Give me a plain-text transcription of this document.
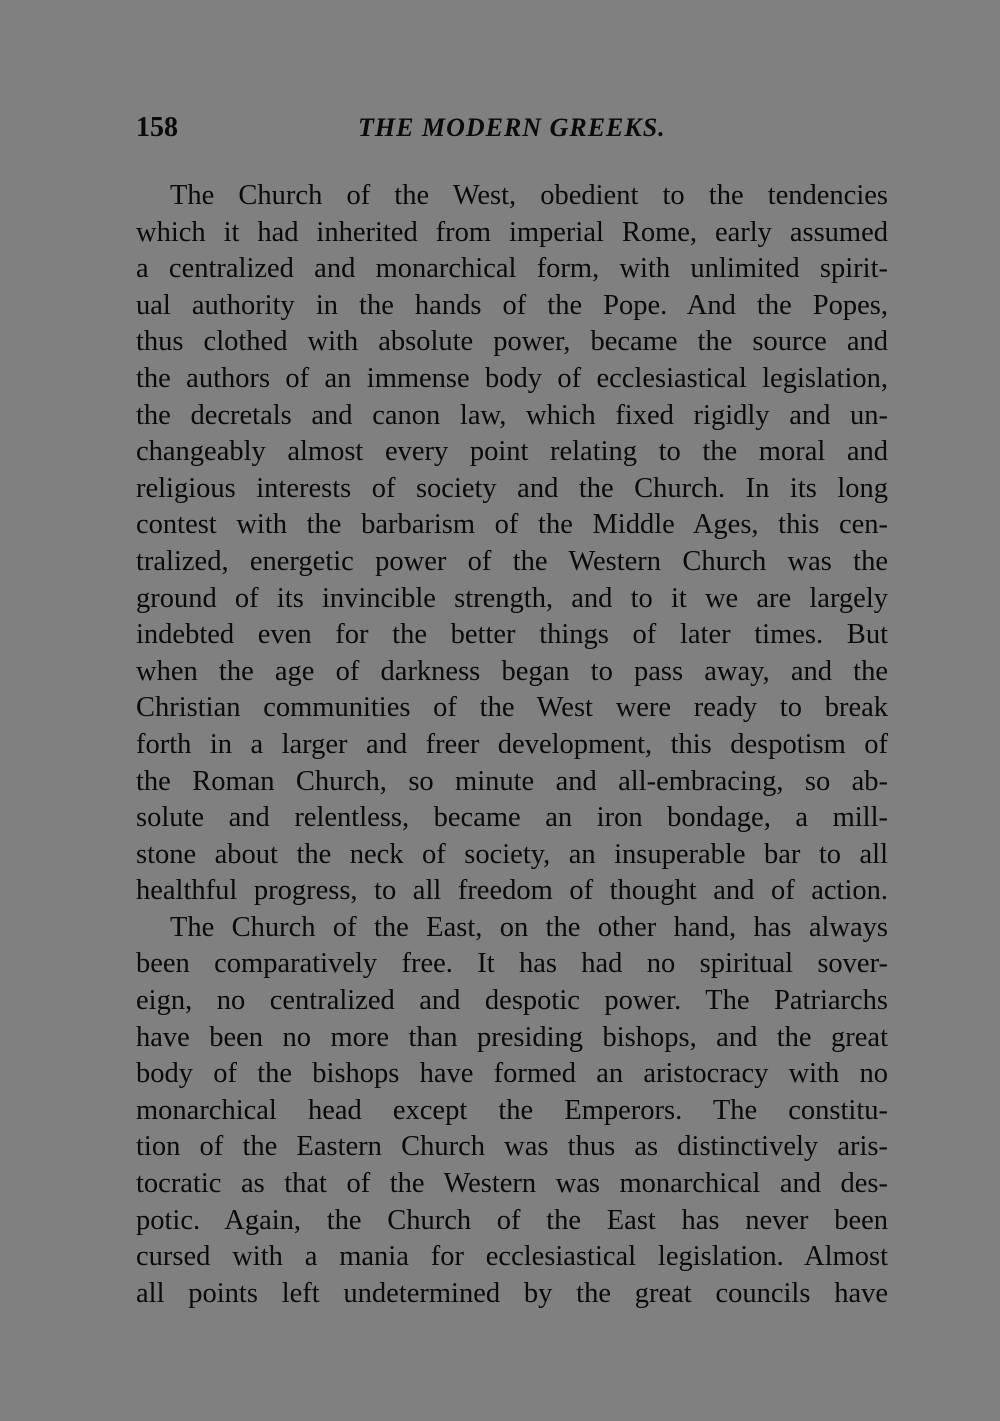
158	THE MODERN GREEKS.
The Church of the West, obedient to the tendencies
which it had inherited from imperial Rome, early assumed
a centralized and monarchical form, with unlimited spirit-
ual authority in the hands of the Pope. And the Popes,
thus clothed with absolute power, became the source and
the authors of an immense body of ecclesiastical legislation,
the decretals and canon law, which fixed rigidly and un-
changeably almost every point relating to the moral and
religious interests of society and the Church. In its long
contest with the barbarism of the Middle Ages, this cen-
tralized, energetic power of the Western Church was the
ground of its invincible strength, and to it we are largely
indebted even for the better things of later times. But
when the age of darkness began to pass away, and the
Christian communities of the West were ready to break
forth in a larger and freer development, this despotism of
the Roman Church, so minute and all-embracing, so ab-
solute and relentless, became an iron bondage, a mill-
stone about the neck of society, an insuperable bar to all
healthful progress, to all freedom of thought and of action.
The Church of the East, on the other hand, has always
been comparatively free. It has had no spiritual sover-
eign, no centralized and despotic power. The Patriarchs
have been no more than presiding bishops, and the great
body of the bishops have formed an aristocracy with no
monarchical head except the Emperors. The constitu-
tion of the Eastern Church was thus as distinctively aris-
tocratic as that of the Western was monarchical and des-
potic. Again, the Church of the East has never been
cursed with a mania for ecclesiastical legislation. Almost
all points left undetermined by the great councils have
